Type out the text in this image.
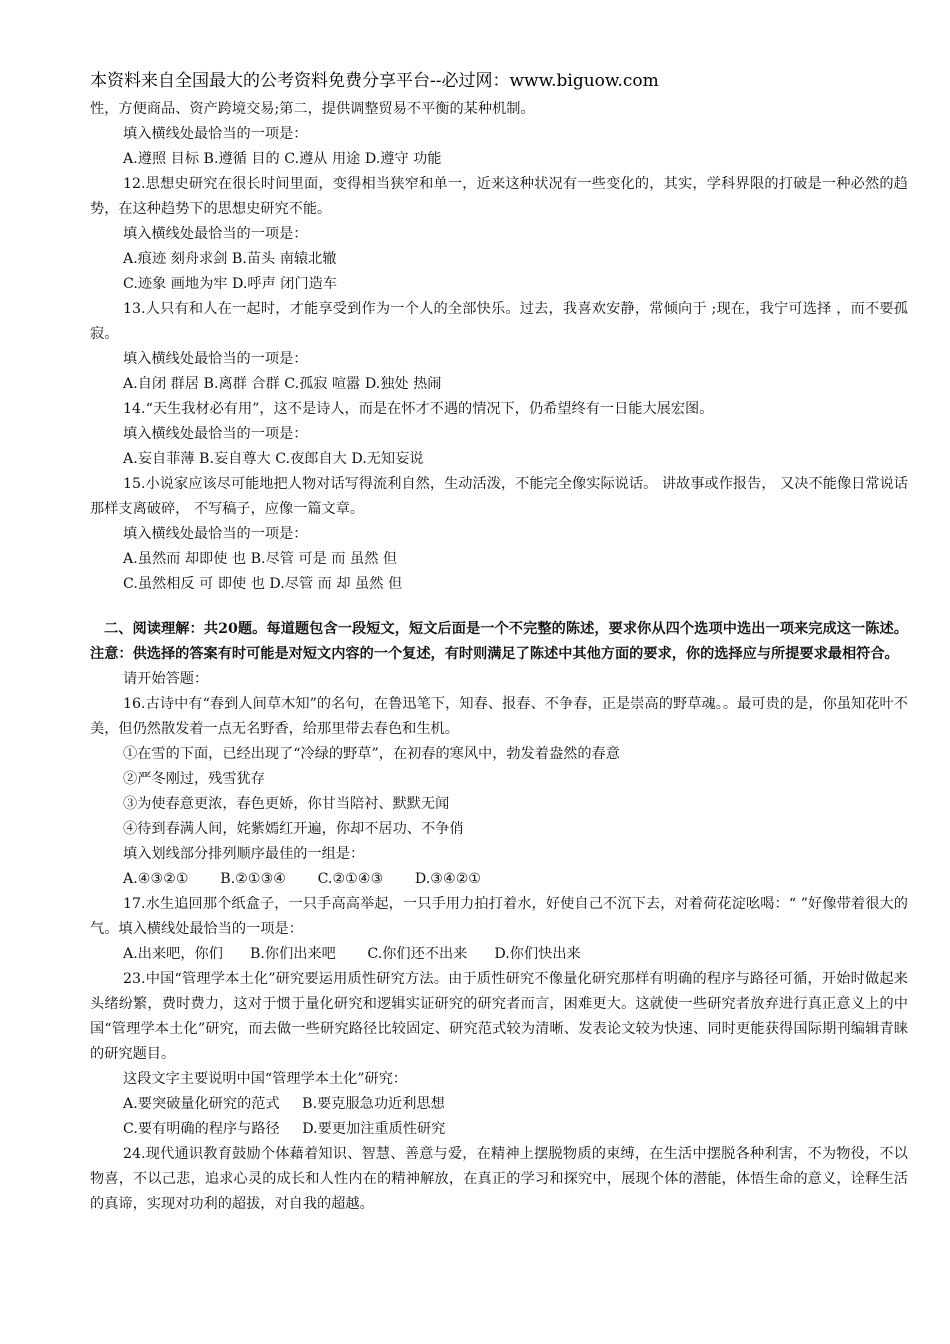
本资料来自全国最大的公考资料免费分享平台--必过网：www.biguow.com

性，方便商品、资产跨境交易;第二，提供调整贸易不平衡的某种机制。

填入横线处最恰当的一项是：

A.遵照 目标 B.遵循 目的 C.遵从 用途 D.遵守 功能

12.思想史研究在很长时间里面，变得相当狭窄和单一，近来这种状况有一些变化的，其实，学科界限的打破是一种必然的趋势，在这种趋势下的思想史研究不能。

填入横线处最恰当的一项是：

A.痕迹 刻舟求剑 B.苗头 南辕北辙

C.迹象 画地为牢 D.呼声 闭门造车

13.人只有和人在一起时，才能享受到作为一个人的全部快乐。过去，我喜欢安静，常倾向于 ;现在，我宁可选择 ，而不要孤寂。

填入横线处最恰当的一项是：

A.自闭 群居 B.离群 合群 C.孤寂 喧嚣 D.独处 热闹

14.“天生我材必有用”，这不是诗人，而是在怀才不遇的情况下，仍希望终有一日能大展宏图。

填入横线处最恰当的一项是：

A.妄自菲薄 B.妄自尊大 C.夜郎自大 D.无知妄说

15.小说家应该尽可能地把人物对话写得流利自然，生动活泼，不能完全像实际说话。 讲故事或作报告， 又决不能像日常说话那样支离破碎， 不写稿子，应像一篇文章。

填入横线处最恰当的一项是：

A.虽然而 却即使 也 B.尽管 可是 而 虽然 但

C.虽然相反 可 即使 也 D.尽管 而 却 虽然 但

二、阅读理解：共20题。每道题包含一段短文，短文后面是一个不完整的陈述，要求你从四个选项中选出一项来完成这一陈述。注意：供选择的答案有时可能是对短文内容的一个复述，有时则满足了陈述中其他方面的要求，你的选择应与所提要求最相符合。

请开始答题：

16.古诗中有“春到人间草木知”的名句，在鲁迅笔下，知春、报春、不争春，正是崇高的野草魂。。最可贵的是，你虽知花叶不美，但仍然散发着一点无名野香，给那里带去春色和生机。

①在雪的下面，已经出现了“冷绿的野草”，在初春的寒风中，勃发着盎然的春意

②严冬刚过，残雪犹存

③为使春意更浓，春色更娇，你甘当陪衬、默默无闻

④待到春满人间，姹紫嫣红开遍，你却不居功、不争俏

填入划线部分排列顺序最佳的一组是：

A.④③②①       B.②①③④       C.②①④③       D.③④②①

17.水生追回那个纸盒子，一只手高高举起，一只手用力拍打着水，好使自己不沉下去，对着荷花淀吆喝：“ ”好像带着很大的气。填入横线处最恰当的一项是：

A.出来吧，你们      B.你们出来吧       C.你们还不出来      D.你们快出来

23.中国“管理学本土化”研究要运用质性研究方法。由于质性研究不像量化研究那样有明确的程序与路径可循，开始时做起来头绪纷繁，费时费力，这对于惯于量化研究和逻辑实证研究的研究者而言，困难更大。这就使一些研究者放弃进行真正意义上的中国“管理学本土化”研究，而去做一些研究路径比较固定、研究范式较为清晰、发表论文较为快速、同时更能获得国际期刊编辑青睐的研究题目。

这段文字主要说明中国“管理学本土化”研究：

A.要突破量化研究的范式     B.要克服急功近利思想

C.要有明确的程序与路径     D.要更加注重质性研究

24.现代通识教育鼓励个体藉着知识、智慧、善意与爱，在精神上摆脱物质的束缚，在生活中摆脱各种利害，不为物役，不以物喜，不以己悲，追求心灵的成长和人性内在的精神解放，在真正的学习和探究中，展现个体的潜能，体悟生命的意义，诠释生活的真谛，实现对功利的超拔，对自我的超越。
